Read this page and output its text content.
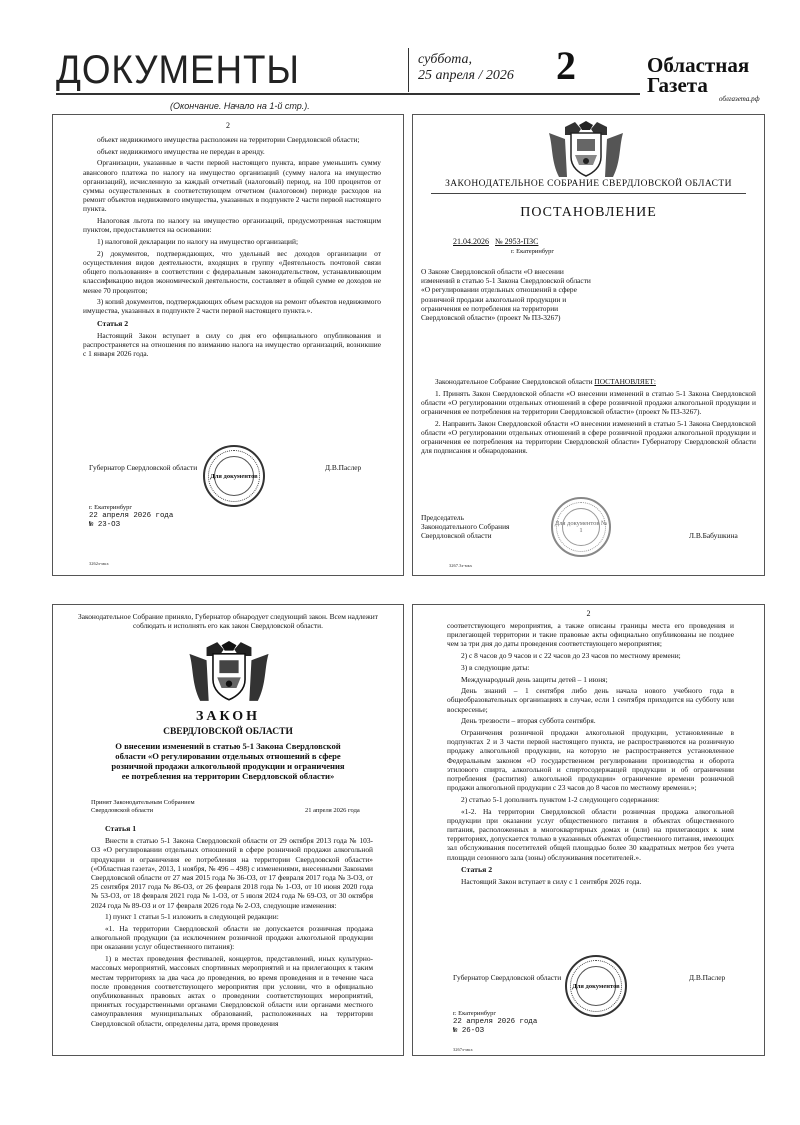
ДОКУМЕНТЫ	суббота,
25 апреля / 2026 2	Областная
Газета
облгазета.рф
(Окончание. Начало на 1-й стр.).
2

объект недвижимого имущества расположен на территории Свердловской области;

объект недвижимого имущества не передан в аренду.

Организации, указанные в части первой настоящего пункта, вправе уменьшить сумму авансового платежа по налогу на имущество организаций (сумму налога на имущество организаций), исчисленную за каждый отчетный (налоговый) период, на 100 процентов от суммы осуществленных в соответствующем отчетном (налоговом) периоде расходов на ремонт объектов недвижимого имущества, указанных в подпункте 2 части первой настоящего пункта.

Налоговая льгота по налогу на имущество организаций, предусмотренная настоящим пунктом, предоставляется на основании:

1) налоговой декларации по налогу на имущество организаций;

2) документов, подтверждающих, что удельный вес доходов организации от осуществления видов деятельности, входящих в группу «Деятельность почтовой связи общего пользования» в соответствии с федеральным законодательством, устанавливающим классификацию видов экономической деятельности, составляет в общей сумме ее доходов не менее 70 процентов;

3) копий документов, подтверждающих объем расходов на ремонт объектов недвижимого имущества, указанных в подпункте 2 части первой настоящего пункта.».

Статья 2

Настоящий Закон вступает в силу со дня его официального опубликования и распространяется на отношения по взиманию налога на имущество организаций, возникшие с 1 января 2026 года.

Губернатор Свердловской области	Д.В.Паслер
Для документов
г. Екатеринбург
22 апреля 2026 года
№ 23-ОЗ
3262э-мкх
ЗАКОНОДАТЕЛЬНОЕ СОБРАНИЕ СВЕРДЛОВСКОЙ ОБЛАСТИ
ПОСТАНОВЛЕНИЕ
21.04.2026 № 2953-ПЗС
г. Екатеринбург
О Законе Свердловской области «О внесении изменений в статью 5-1 Закона Свердловской области «О регулировании отдельных отношений в сфере розничной продажи алкогольной продукции и ограничения ее потребления на территории Свердловской области» (проект № ПЗ-3267)

Законодательное Собрание Свердловской области ПОСТАНОВЛЯЕТ:

1. Принять Закон Свердловской области «О внесении изменений в статью 5-1 Закона Свердловской области «О регулировании отдельных отношений в сфере розничной продажи алкогольной продукции и ограничения ее потребления на территории Свердловской области» (проект № ПЗ-3267).

2. Направить Закон Свердловской области «О внесении изменений в статью 5-1 Закона Свердловской области «О регулировании отдельных отношений в сфере розничной продажи алкогольной продукции и ограничения ее потребления на территории Свердловской области» Губернатору Свердловской области для подписания и обнародования.

Председатель
Законодательного Собрания
Свердловской области	Л.В.Бабушкина
Для документов № 1
3267.3э-мкх
Законодательное Собрание приняло, Губернатор обнародует следующий закон. Всем надлежит соблюдать и исполнять его как закон Свердловской области.
ЗАКОН
СВЕРДЛОВСКОЙ ОБЛАСТИ
О внесении изменений в статью 5-1 Закона Свердловской области «О регулировании отдельных отношений в сфере розничной продажи алкогольной продукции и ограничения ее потребления на территории Свердловской области»
Принят Законодательным Собранием
Свердловской области	21 апреля 2026 года
Статья 1

Внести в статью 5-1 Закона Свердловской области от 29 октября 2013 года № 103-ОЗ «О регулировании отдельных отношений в сфере розничной продажи алкогольной продукции и ограничения ее потребления на территории Свердловской области» («Областная газета», 2013, 1 ноября, № 496 – 498) с изменениями, внесенными Законами Свердловской области от 27 мая 2015 года № 36-ОЗ, от 17 февраля 2017 года № 3-ОЗ, от 25 сентября 2017 года № 86-ОЗ, от 26 февраля 2018 года № 1-ОЗ, от 10 июня 2020 года № 53-ОЗ, от 18 февраля 2021 года № 1-ОЗ, от 5 июля 2024 года № 69-ОЗ, от 30 октября 2024 года № 89-ОЗ и от 17 февраля 2026 года № 2-ОЗ, следующие изменения:

1) пункт 1 статьи 5-1 изложить в следующей редакции:

«1. На территории Свердловской области не допускается розничная продажа алкогольной продукции (за исключением розничной продажи алкогольной продукции при оказании услуг общественного питания):

1) в местах проведения фестивалей, концертов, представлений, иных культурно-массовых мероприятий, массовых спортивных мероприятий и на прилегающих к таким местам территориях за два часа до проведения, во время проведения и в течение часа после проведения соответствующего мероприятия при условии, что в официально опубликованных правовых актах о проведении соответствующих мероприятий, принятых государственными органами Свердловской области или органами местного самоуправления муниципальных образований, расположенных на территории Свердловской области, определены дата, время проведения

2

соответствующего мероприятия, а также описаны границы места его проведения и прилегающей территории и такие правовые акты официально опубликованы не позднее чем за три дня до даты проведения соответствующего мероприятия;

2) с 8 часов до 9 часов и с 22 часов до 23 часов по местному времени;

3) в следующие даты:

Международный день защиты детей – 1 июня;

День знаний – 1 сентября либо день начала нового учебного года в общеобразовательных организациях в случае, если 1 сентября приходится на субботу или воскресенье;

День трезвости – вторая суббота сентября.

Ограничения розничной продажи алкогольной продукции, установленные в подпунктах 2 и 3 части первой настоящего пункта, не распространяются на розничную продажу алкогольной продукции, на которую не распространяется установленное Федеральным законом «О государственном регулировании производства и оборота этилового спирта, алкогольной и спиртосодержащей продукции и об ограничении потребления (распития) алкогольной продукции» ограничение времени розничной продажи алкогольной продукции с 23 часов до 8 часов по местному времени.»;

2) статью 5-1 дополнить пунктом 1-2 следующего содержания:

«1-2. На территории Свердловской области розничная продажа алкогольной продукции при оказании услуг общественного питания в объектах общественного питания, расположенных в многоквартирных домах и (или) на прилегающих к ним территориях, допускается только в указанных объектах общественного питания, имеющих зал обслуживания посетителей общей площадью более 30 квадратных метров без учета площади сезонного зала (зоны) обслуживания посетителей.».

Статья 2

Настоящий Закон вступает в силу с 1 сентября 2026 года.

Губернатор Свердловской области	Д.В.Паслер
Для документов
г. Екатеринбург
22 апреля 2026 года
№ 26-ОЗ
3267э-мкх
